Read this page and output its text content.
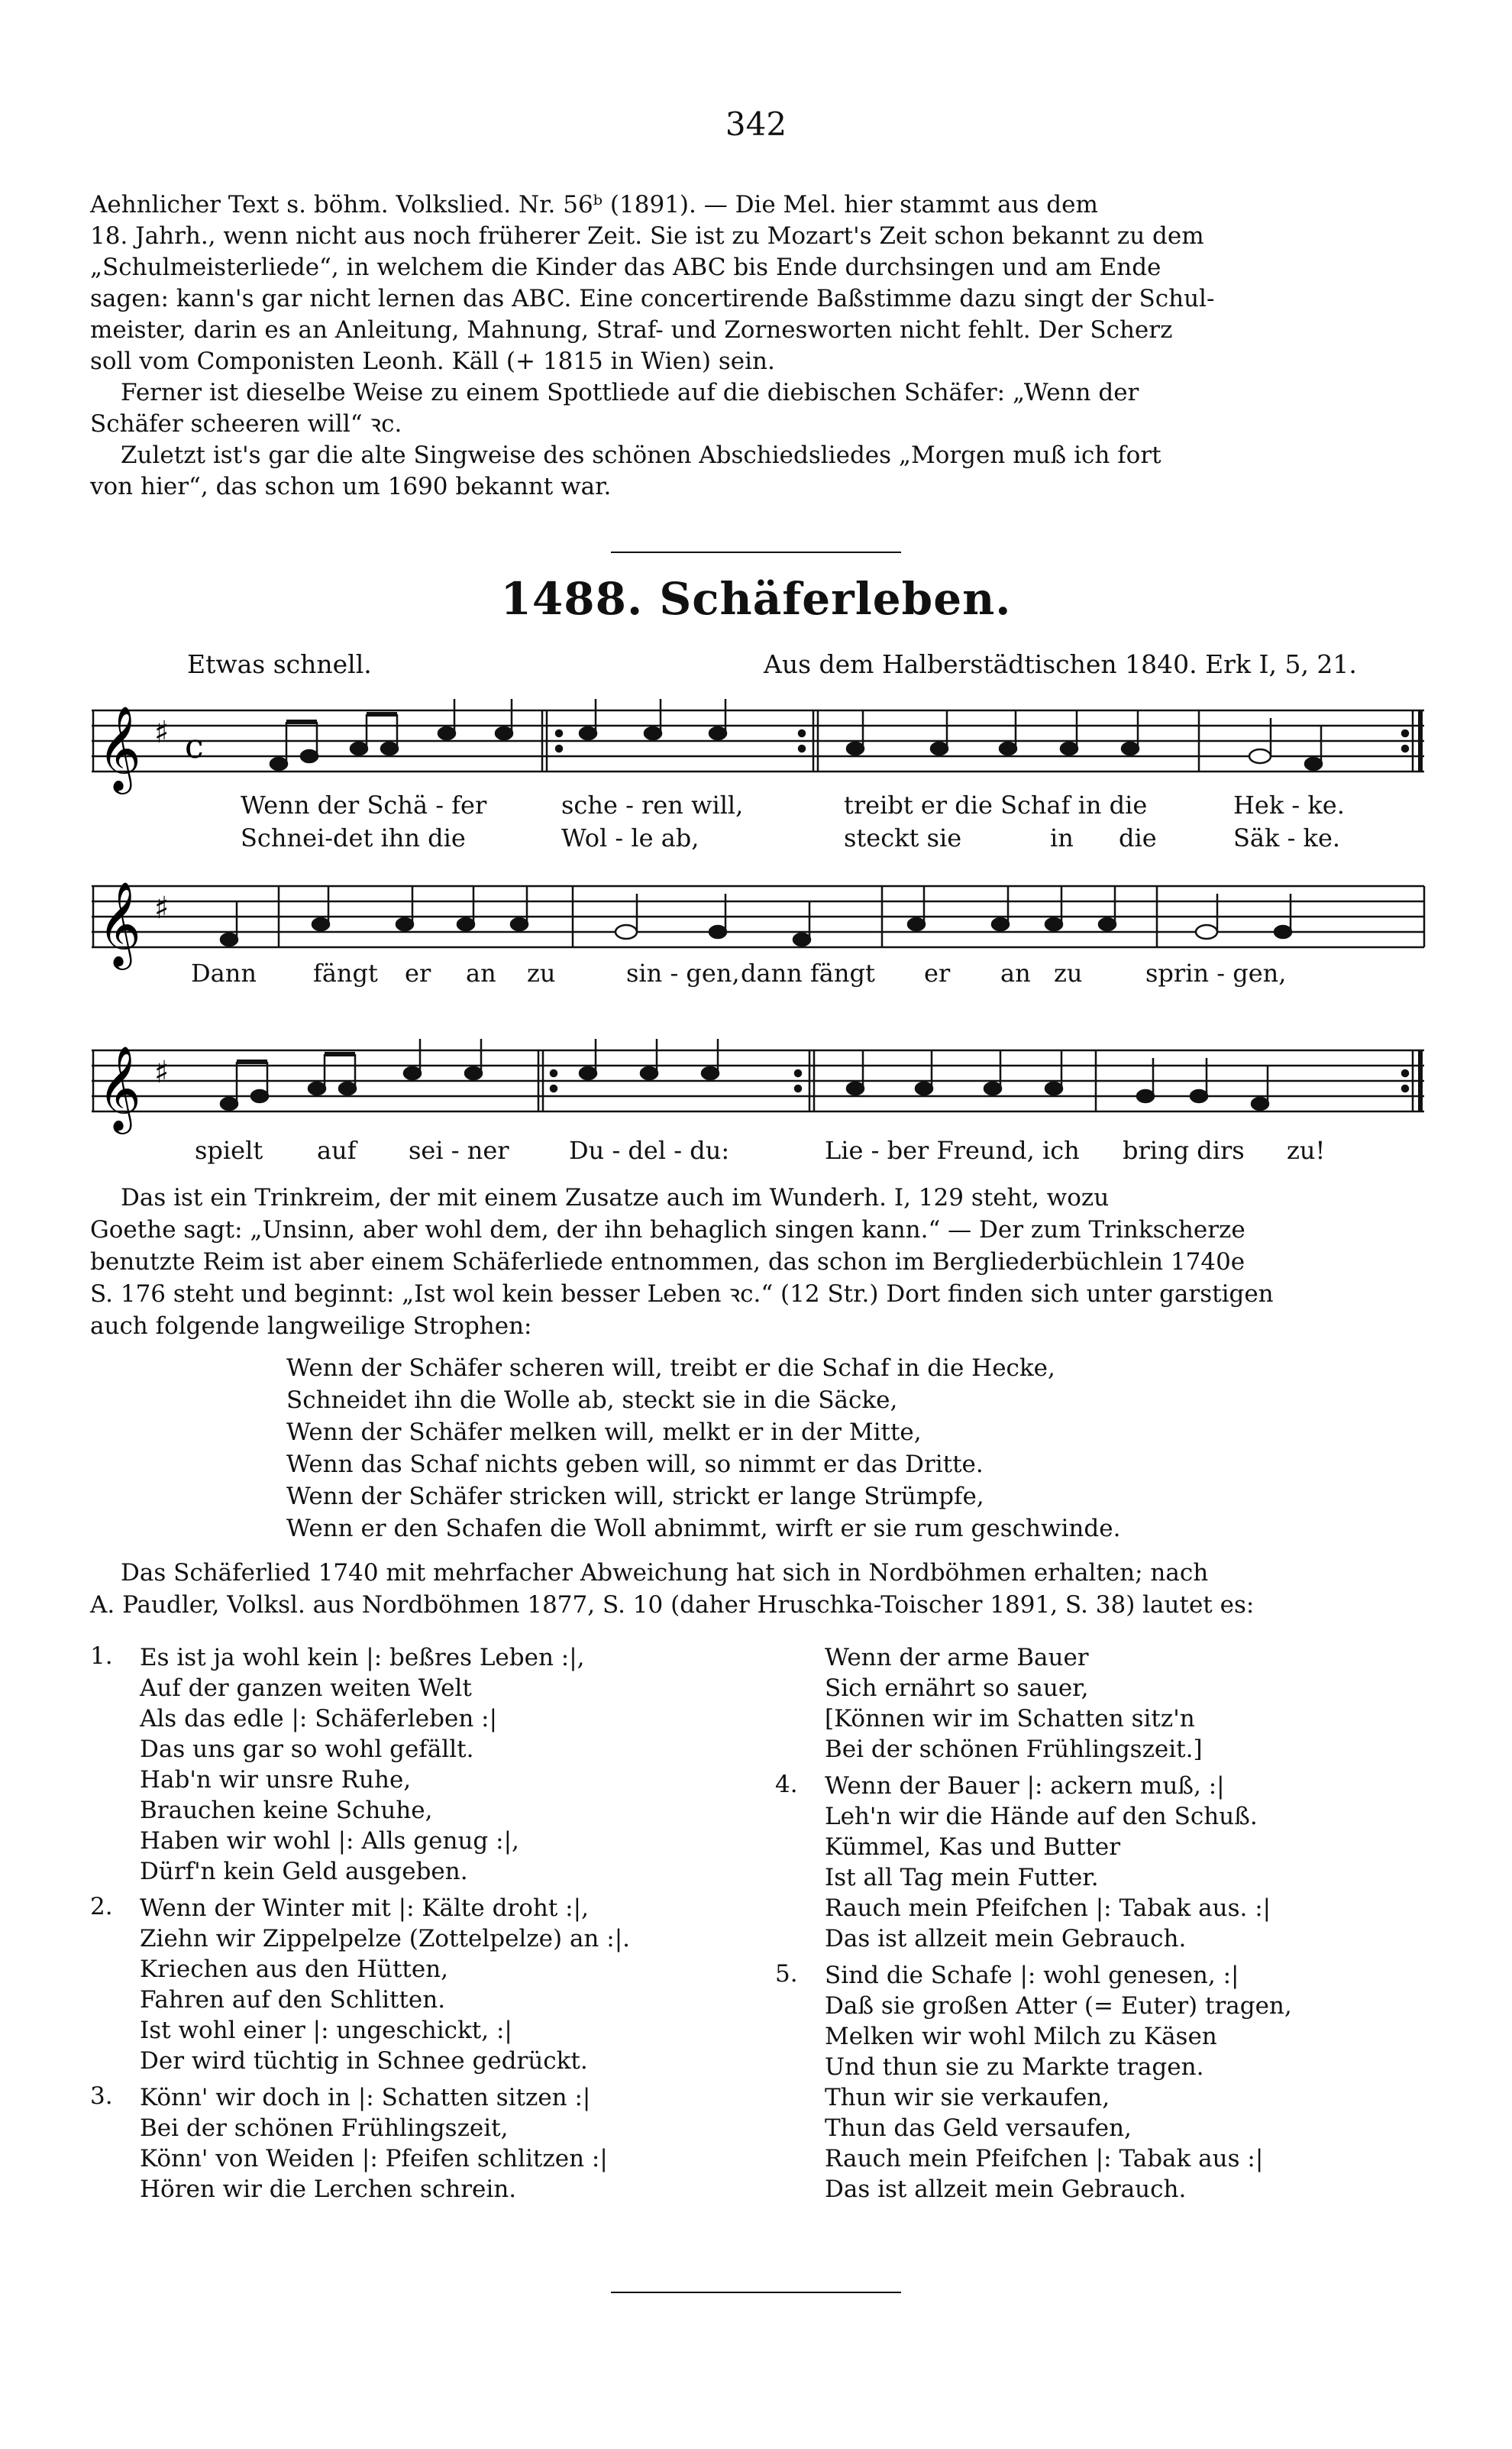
342
Aehnlicher Text s. böhm. Volkslied. Nr. 56ᵇ (1891). — Die Mel. hier stammt aus dem
18. Jahrh., wenn nicht aus noch früherer Zeit. Sie ist zu Mozart's Zeit schon bekannt zu dem
„Schulmeisterliede“, in welchem die Kinder das ABC bis Ende durchsingen und am Ende
sagen: kann's gar nicht lernen das ABC. Eine concertirende Baßstimme dazu singt der Schul-
meister, darin es an Anleitung, Mahnung, Straf- und Zornesworten nicht fehlt. Der Scherz
soll vom Componisten Leonh. Käll (+ 1815 in Wien) sein.
Ferner ist dieselbe Weise zu einem Spottliede auf die diebischen Schäfer: „Wenn der
Schäfer scheeren will“ ꝛc.
Zuletzt ist's gar die alte Singweise des schönen Abschiedsliedes „Morgen muß ich fort
von hier“, das schon um 1690 bekannt war.
1488. Schäferleben.
Etwas schnell.	Aus dem Halberstädtischen 1840. Erk I, 5, 21.
𝄞 ♯ c
Wenn der Schä - fer	sche - ren will,	treibt er die Schaf in die	Hek - ke.
Schnei-det ihn die	Wol - le ab,	steckt sie	in die	Säk - ke.
𝄞 ♯
Dann fängt er an zu	sin - gen, dann fängt er an zu	sprin - gen,
𝄞 ♯
spielt auf sei - ner Du - del - du:	Lie - ber Freund, ich bring dirs zu!
Das ist ein Trinkreim, der mit einem Zusatze auch im Wunderh. I, 129 steht, wozu
Goethe sagt: „Unsinn, aber wohl dem, der ihn behaglich singen kann.“ — Der zum Trinkscherze
benutzte Reim ist aber einem Schäferliede entnommen, das schon im Bergliederbüchlein 1740e
S. 176 steht und beginnt: „Ist wol kein besser Leben ꝛc.“ (12 Str.) Dort finden sich unter garstigen
auch folgende langweilige Strophen:
Wenn der Schäfer scheren will, treibt er die Schaf in die Hecke,
Schneidet ihn die Wolle ab, steckt sie in die Säcke,
Wenn der Schäfer melken will, melkt er in der Mitte,
Wenn das Schaf nichts geben will, so nimmt er das Dritte.
Wenn der Schäfer stricken will, strickt er lange Strümpfe,
Wenn er den Schafen die Woll abnimmt, wirft er sie rum geschwinde.
Das Schäferlied 1740 mit mehrfacher Abweichung hat sich in Nordböhmen erhalten; nach
A. Paudler, Volksl. aus Nordböhmen 1877, S. 10 (daher Hruschka-Toischer 1891, S. 38) lautet es:
1. Es ist ja wohl kein |: beßres Leben :|,
Auf der ganzen weiten Welt
Als das edle |: Schäferleben :|
Das uns gar so wohl gefällt.
Hab'n wir unsre Ruhe,
Brauchen keine Schuhe,
Haben wir wohl |: Alls genug :|,
Dürf'n kein Geld ausgeben.
2. Wenn der Winter mit |: Kälte droht :|,
Ziehn wir Zippelpelze (Zottelpelze) an :|.
Kriechen aus den Hütten,
Fahren auf den Schlitten.
Ist wohl einer |: ungeschickt, :|
Der wird tüchtig in Schnee gedrückt.
3. Könn' wir doch in |: Schatten sitzen :|
Bei der schönen Frühlingszeit,
Könn' von Weiden |: Pfeifen schlitzen :|
Hören wir die Lerchen schrein.
Wenn der arme Bauer
Sich ernährt so sauer,
[Können wir im Schatten sitz'n
Bei der schönen Frühlingszeit.]
4. Wenn der Bauer |: ackern muß, :|
Leh'n wir die Hände auf den Schuß.
Kümmel, Kas und Butter
Ist all Tag mein Futter.
Rauch mein Pfeifchen |: Tabak aus. :|
Das ist allzeit mein Gebrauch.
5. Sind die Schafe |: wohl genesen, :|
Daß sie großen Atter (= Euter) tragen,
Melken wir wohl Milch zu Käsen
Und thun sie zu Markte tragen.
Thun wir sie verkaufen,
Thun das Geld versaufen,
Rauch mein Pfeifchen |: Tabak aus :|
Das ist allzeit mein Gebrauch.
